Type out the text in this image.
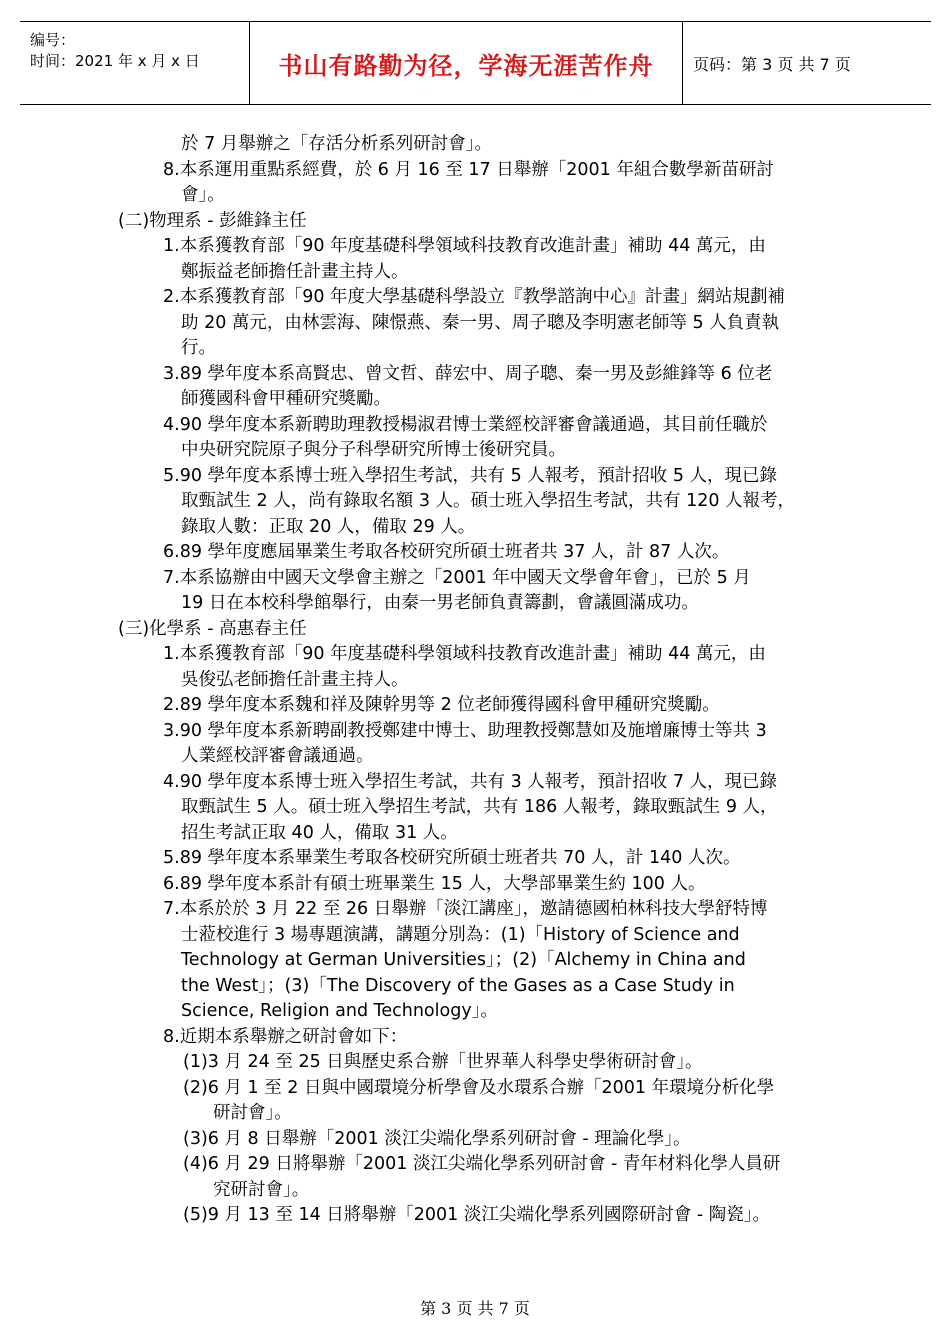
编号：
时间：2021 年 x 月 x 日	书山有路勤为径，学海无涯苦作舟	页码：第 3 页 共 7 页
於 7 月舉辦之「存活分析系列研討會」。
8.本系運用重點系經費，於 6 月 16 至 17 日舉辦「2001 年組合數學新苗研討
會」。
(二)物理系 - 彭維鋒主任
1.本系獲教育部「90 年度基礎科學領域科技教育改進計畫」補助 44 萬元，由
鄭振益老師擔任計畫主持人。
2.本系獲教育部「90 年度大學基礎科學設立『教學諮詢中心』計畫」網站規劃補
助 20 萬元，由林雲海、陳憬燕、秦一男、周子聰及李明憲老師等 5 人負責執
行。
3.89 學年度本系高賢忠、曾文哲、薛宏中、周子聰、秦一男及彭維鋒等 6 位老
師獲國科會甲種研究獎勵。
4.90 學年度本系新聘助理教授楊淑君博士業經校評審會議通過，其目前任職於
中央研究院原子與分子科學研究所博士後研究員。
5.90 學年度本系博士班入學招生考試，共有 5 人報考，預計招收 5 人，現已錄
取甄試生 2 人，尚有錄取名額 3 人。碩士班入學招生考試，共有 120 人報考，
錄取人數：正取 20 人，備取 29 人。
6.89 學年度應屆畢業生考取各校研究所碩士班者共 37 人，計 87 人次。
7.本系協辦由中國天文學會主辦之「2001 年中國天文學會年會」，已於 5 月
19 日在本校科學館舉行，由秦一男老師負責籌劃，會議圓滿成功。
(三)化學系 - 高惠春主任
1.本系獲教育部「90 年度基礎科學領域科技教育改進計畫」補助 44 萬元，由
吳俊弘老師擔任計畫主持人。
2.89 學年度本系魏和祥及陳幹男等 2 位老師獲得國科會甲種研究獎勵。
3.90 學年度本系新聘副教授鄭建中博士、助理教授鄭慧如及施增廉博士等共 3
人業經校評審會議通過。
4.90 學年度本系博士班入學招生考試，共有 3 人報考，預計招收 7 人，現已錄
取甄試生 5 人。碩士班入學招生考試，共有 186 人報考，錄取甄試生 9 人，
招生考試正取 40 人，備取 31 人。
5.89 學年度本系畢業生考取各校研究所碩士班者共 70 人，計 140 人次。
6.89 學年度本系計有碩士班畢業生 15 人，大學部畢業生約 100 人。
7.本系於於 3 月 22 至 26 日舉辦「淡江講座」，邀請德國柏林科技大學舒特博
士蒞校進行 3 場專題演講，講題分別為：(1)「History of Science and
Technology at German Universities」；(2)「Alchemy in China and
the West」；(3)「The Discovery of the Gases as a Case Study in
Science, Religion and Technology」。
8.近期本系舉辦之研討會如下：
(1)3 月 24 至 25 日與歷史系合辦「世界華人科學史學術研討會」。
(2)6 月 1 至 2 日與中國環境分析學會及水環系合辦「2001 年環境分析化學
研討會」。
(3)6 月 8 日舉辦「2001 淡江尖端化學系列研討會 - 理論化學」。
(4)6 月 29 日將舉辦「2001 淡江尖端化學系列研討會 - 青年材料化學人員研
究研討會」。
(5)9 月 13 至 14 日將舉辦「2001 淡江尖端化學系列國際研討會 - 陶瓷」。
第 3 页 共 7 页
